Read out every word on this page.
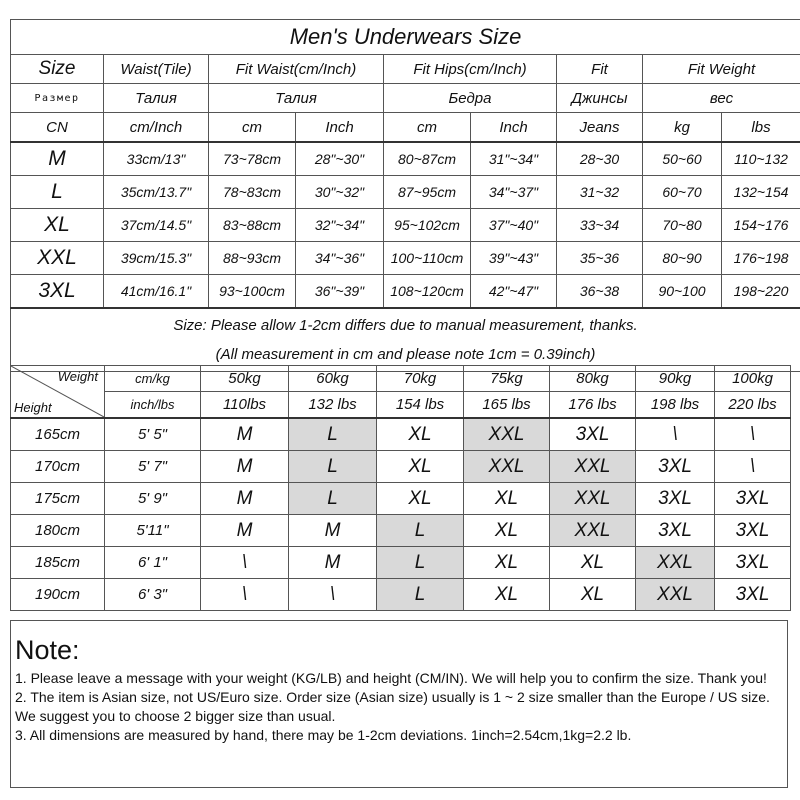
Men's Underwears Size								
Size	Waist(Tile)	Fit Waist(cm/Inch)		Fit Hips(cm/Inch)		Fit	Fit Weight	
Размер	Талия	Талия		Бедра		Джинсы	вес	
CN	cm/Inch	cm	Inch	cm	Inch	Jeans	kg	lbs
M	33cm/13"	73~78cm	28"~30"	80~87cm	31"~34"	28~30	50~60	110~132
L	35cm/13.7"	78~83cm	30"~32"	87~95cm	34"~37"	31~32	60~70	132~154
XL	37cm/14.5"	83~88cm	32"~34"	95~102cm	37"~40"	33~34	70~80	154~176
XXL	39cm/15.3"	88~93cm	34"~36"	100~110cm	39"~43"	35~36	80~90	176~198
3XL	41cm/16.1"	93~100cm	36"~39"	108~120cm	42"~47"	36~38	90~100	198~220

Size: Please allow 1-2cm differs due to manual measurement, thanks.
(All measurement in cm and please note 1cm = 0.39inch)								
Weight
Height	cm/kg	50kg	60kg	70kg	75kg	80kg	90kg	100kg
	inch/lbs	110lbs	132 lbs	154 lbs	165 lbs	176 lbs	198 lbs	220 lbs
165cm	5' 5"	M	L	XL	XXL	3XL	\	\
170cm	5' 7"	M	L	XL	XXL	XXL	3XL	\
175cm	5' 9"	M	L	XL	XL	XXL	3XL	3XL
180cm	5'11"	M	M	L	XL	XXL	3XL	3XL
185cm	6' 1"	\	M	L	XL	XL	XXL	3XL
190cm	6' 3"	\	\	L	XL	XL	XXL	3XL
Note:
1. Please leave a message with your weight (KG/LB) and height (CM/IN). We will help you to confirm the size. Thank you!
2. The item is Asian size, not US/Euro size. Order size (Asian size) usually is 1 ~ 2 size smaller than the Europe / US size.
We suggest you to choose 2 bigger size than usual.
3. All dimensions are measured by hand, there may be 1-2cm deviations. 1inch=2.54cm,1kg=2.2 lb.
